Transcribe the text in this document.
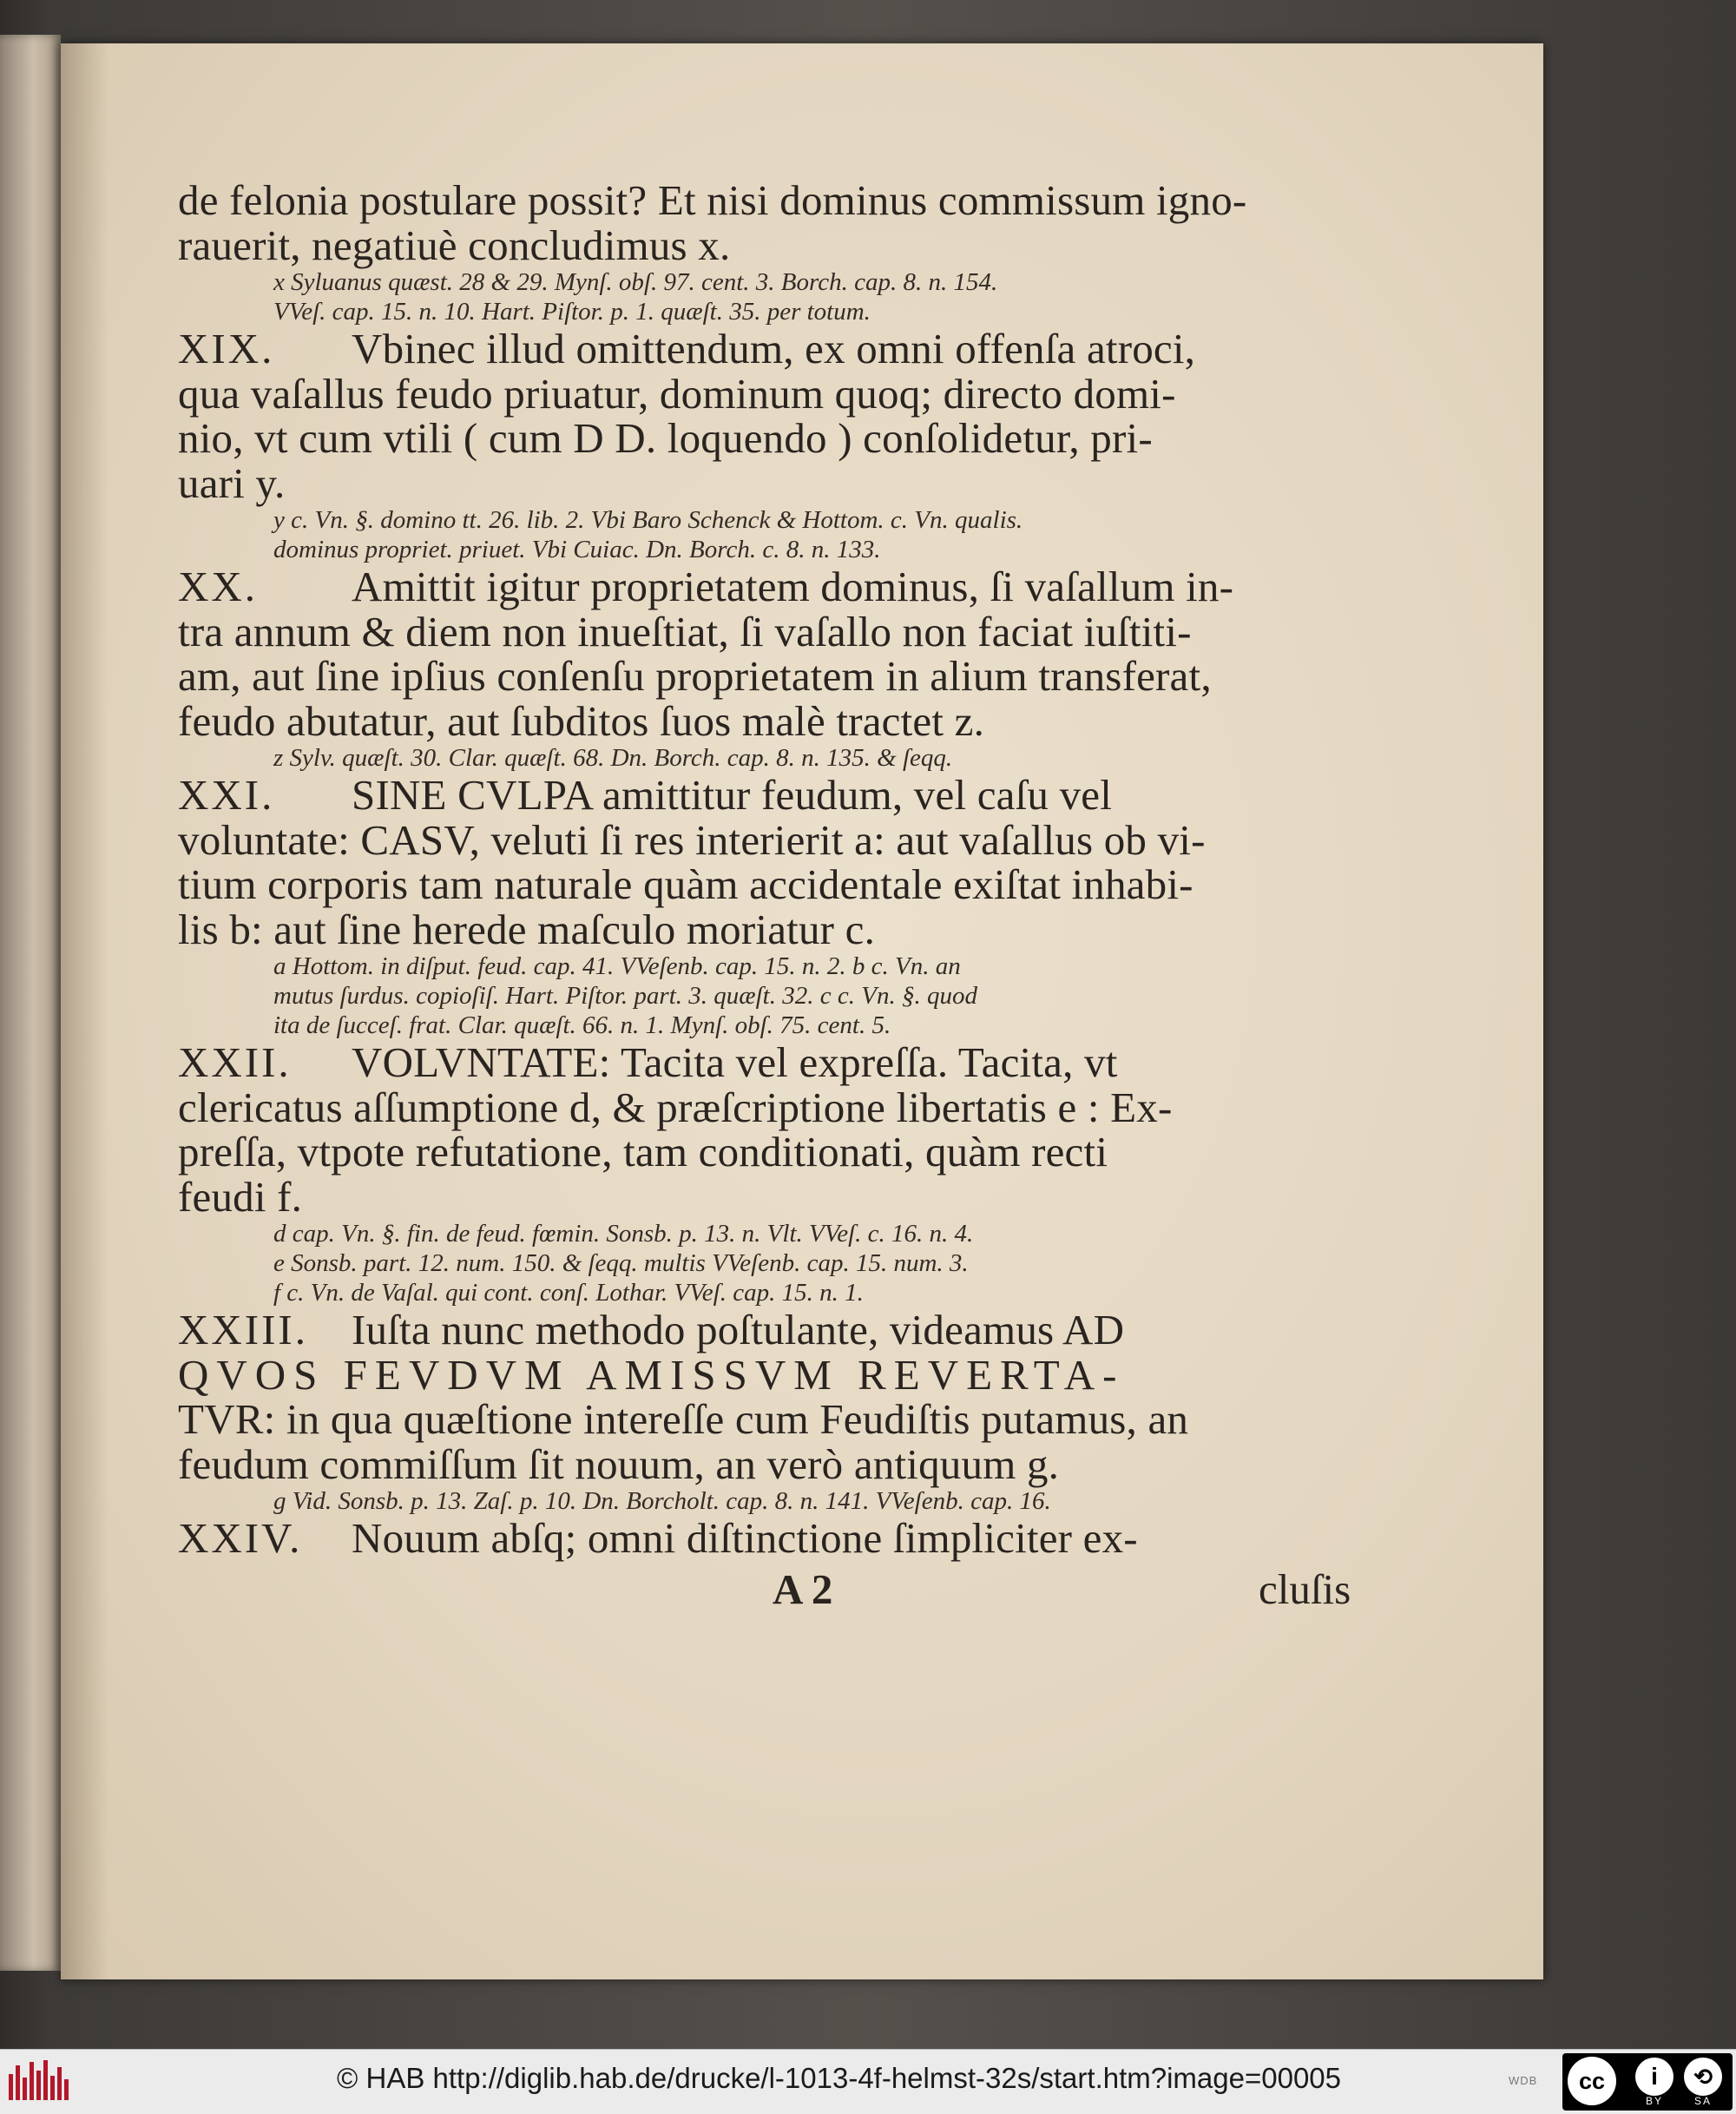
de felonia postulare possit? Et nisi dominus commissum igno-
rauerit, negatiuè concludimus x.
x Syluanus quæst. 28 & 29. Mynſ. obſ. 97. cent. 3. Borch. cap. 8. n. 154.
VVeſ. cap. 15. n. 10. Hart. Piſtor. p. 1. quæſt. 35. per totum.
XIX. Vbinec illud omittendum, ex omni offenſa atroci,
qua vaſallus feudo priuatur, dominum quoq; directo domi-
nio, vt cum vtili ( cum D D. loquendo ) conſolidetur, pri-
uari y.
y c. Vn. §. domino tt. 26. lib. 2. Vbi Baro Schenck & Hottom. c. Vn. qualis.
dominus propriet. priuet. Vbi Cuiac. Dn. Borch. c. 8. n. 133.
XX. Amittit igitur proprietatem dominus, ſi vaſallum in-
tra annum & diem non inueſtiat, ſi vaſallo non faciat iuſtiti-
am, aut ſine ipſius conſenſu proprietatem in alium transferat,
feudo abutatur, aut ſubditos ſuos malè tractet z.
z Sylv. quæſt. 30. Clar. quæſt. 68. Dn. Borch. cap. 8. n. 135. & ſeqq.
XXI. SINE CVLPA amittitur feudum, vel caſu vel
voluntate: CASV, veluti ſi res interierit a: aut vaſallus ob vi-
tium corporis tam naturale quàm accidentale exiſtat inhabi-
lis b: aut ſine herede maſculo moriatur c.
a Hottom. in diſput. feud. cap. 41. VVeſenb. cap. 15. n. 2. b c. Vn. an
mutus ſurdus. copioſiſ. Hart. Piſtor. part. 3. quæſt. 32. c c. Vn. §. quod
ita de ſucceſ. frat. Clar. quæſt. 66. n. 1. Mynſ. obſ. 75. cent. 5.
XXII. VOLVNTATE: Tacita vel expreſſa. Tacita, vt
clericatus aſſumptione d, & præſcriptione libertatis e : Ex-
preſſa, vtpote refutatione, tam conditionati, quàm recti
feudi f.
d cap. Vn. §. fin. de feud. fœmin. Sonsb. p. 13. n. Vlt. VVeſ. c. 16. n. 4.
e Sonsb. part. 12. num. 150. & ſeqq. multis VVeſenb. cap. 15. num. 3.
f c. Vn. de Vaſal. qui cont. conſ. Lothar. VVeſ. cap. 15. n. 1.
XXIII. Iuſta nunc methodo poſtulante, videamus AD
QVOS FEVDVM AMISSVM REVERTA-
TVR: in qua quæſtione intereſſe cum Feudiſtis putamus, an
feudum commiſſum ſit nouum, an verò antiquum g.
g Vid. Sonsb. p. 13. Zaſ. p. 10. Dn. Borcholt. cap. 8. n. 141. VVeſenb. cap. 16.
XXIV. Nouum abſq; omni diſtinctione ſimpliciter ex-
A 2	cluſis
© HAB http://diglib.hab.de/drucke/l-1013-4f-helmst-32s/start.htm?image=00005	WDB	cc	i	⟲
BY	SA
